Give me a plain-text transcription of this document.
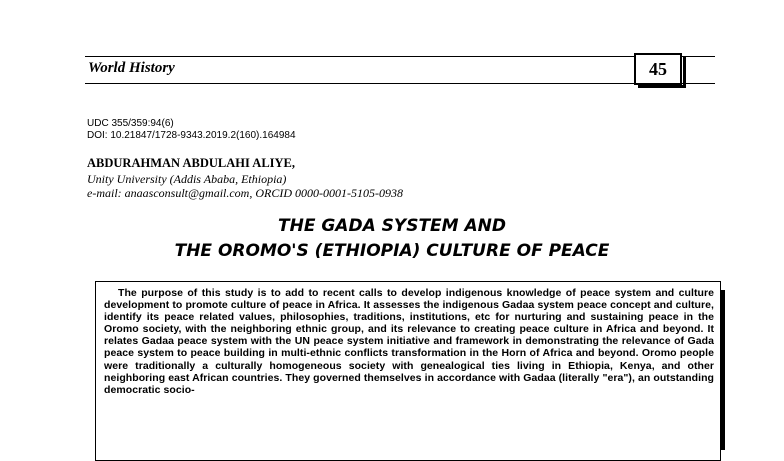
World History	45
UDC 355/359:94(6)
DOI: 10.21847/1728-9343.2019.2(160).164984
ABDURAHMAN ABDULAHI ALIYE,
Unity University (Addis Ababa, Ethiopia)
e-mail: anaasconsult@gmail.com, ORCID 0000-0001-5105-0938
THE GADA SYSTEM AND
THE OROMO'S (ETHIOPIA) CULTURE OF PEACE
The purpose of this study is to add to recent calls to develop indigenous knowledge of peace system and culture development to promote culture of peace in Africa. It assesses the indigenous Gadaa system peace concept and culture, identify its peace related values, philosophies, traditions, institutions, etc for nurturing and sustaining peace in the Oromo society, with the neighboring ethnic group, and its relevance to creating peace culture in Africa and beyond. It relates Gadaa peace system with the UN peace system initiative and framework in demonstrating the relevance of Gada peace system to peace building in multi-ethnic conflicts transformation in the Horn of Africa and beyond. Oromo people were traditionally a culturally homogeneous society with genealogical ties living in Ethiopia, Kenya, and other neighboring east African countries. They governed themselves in accordance with Gadaa (literally "era"), an outstanding democratic socio-
